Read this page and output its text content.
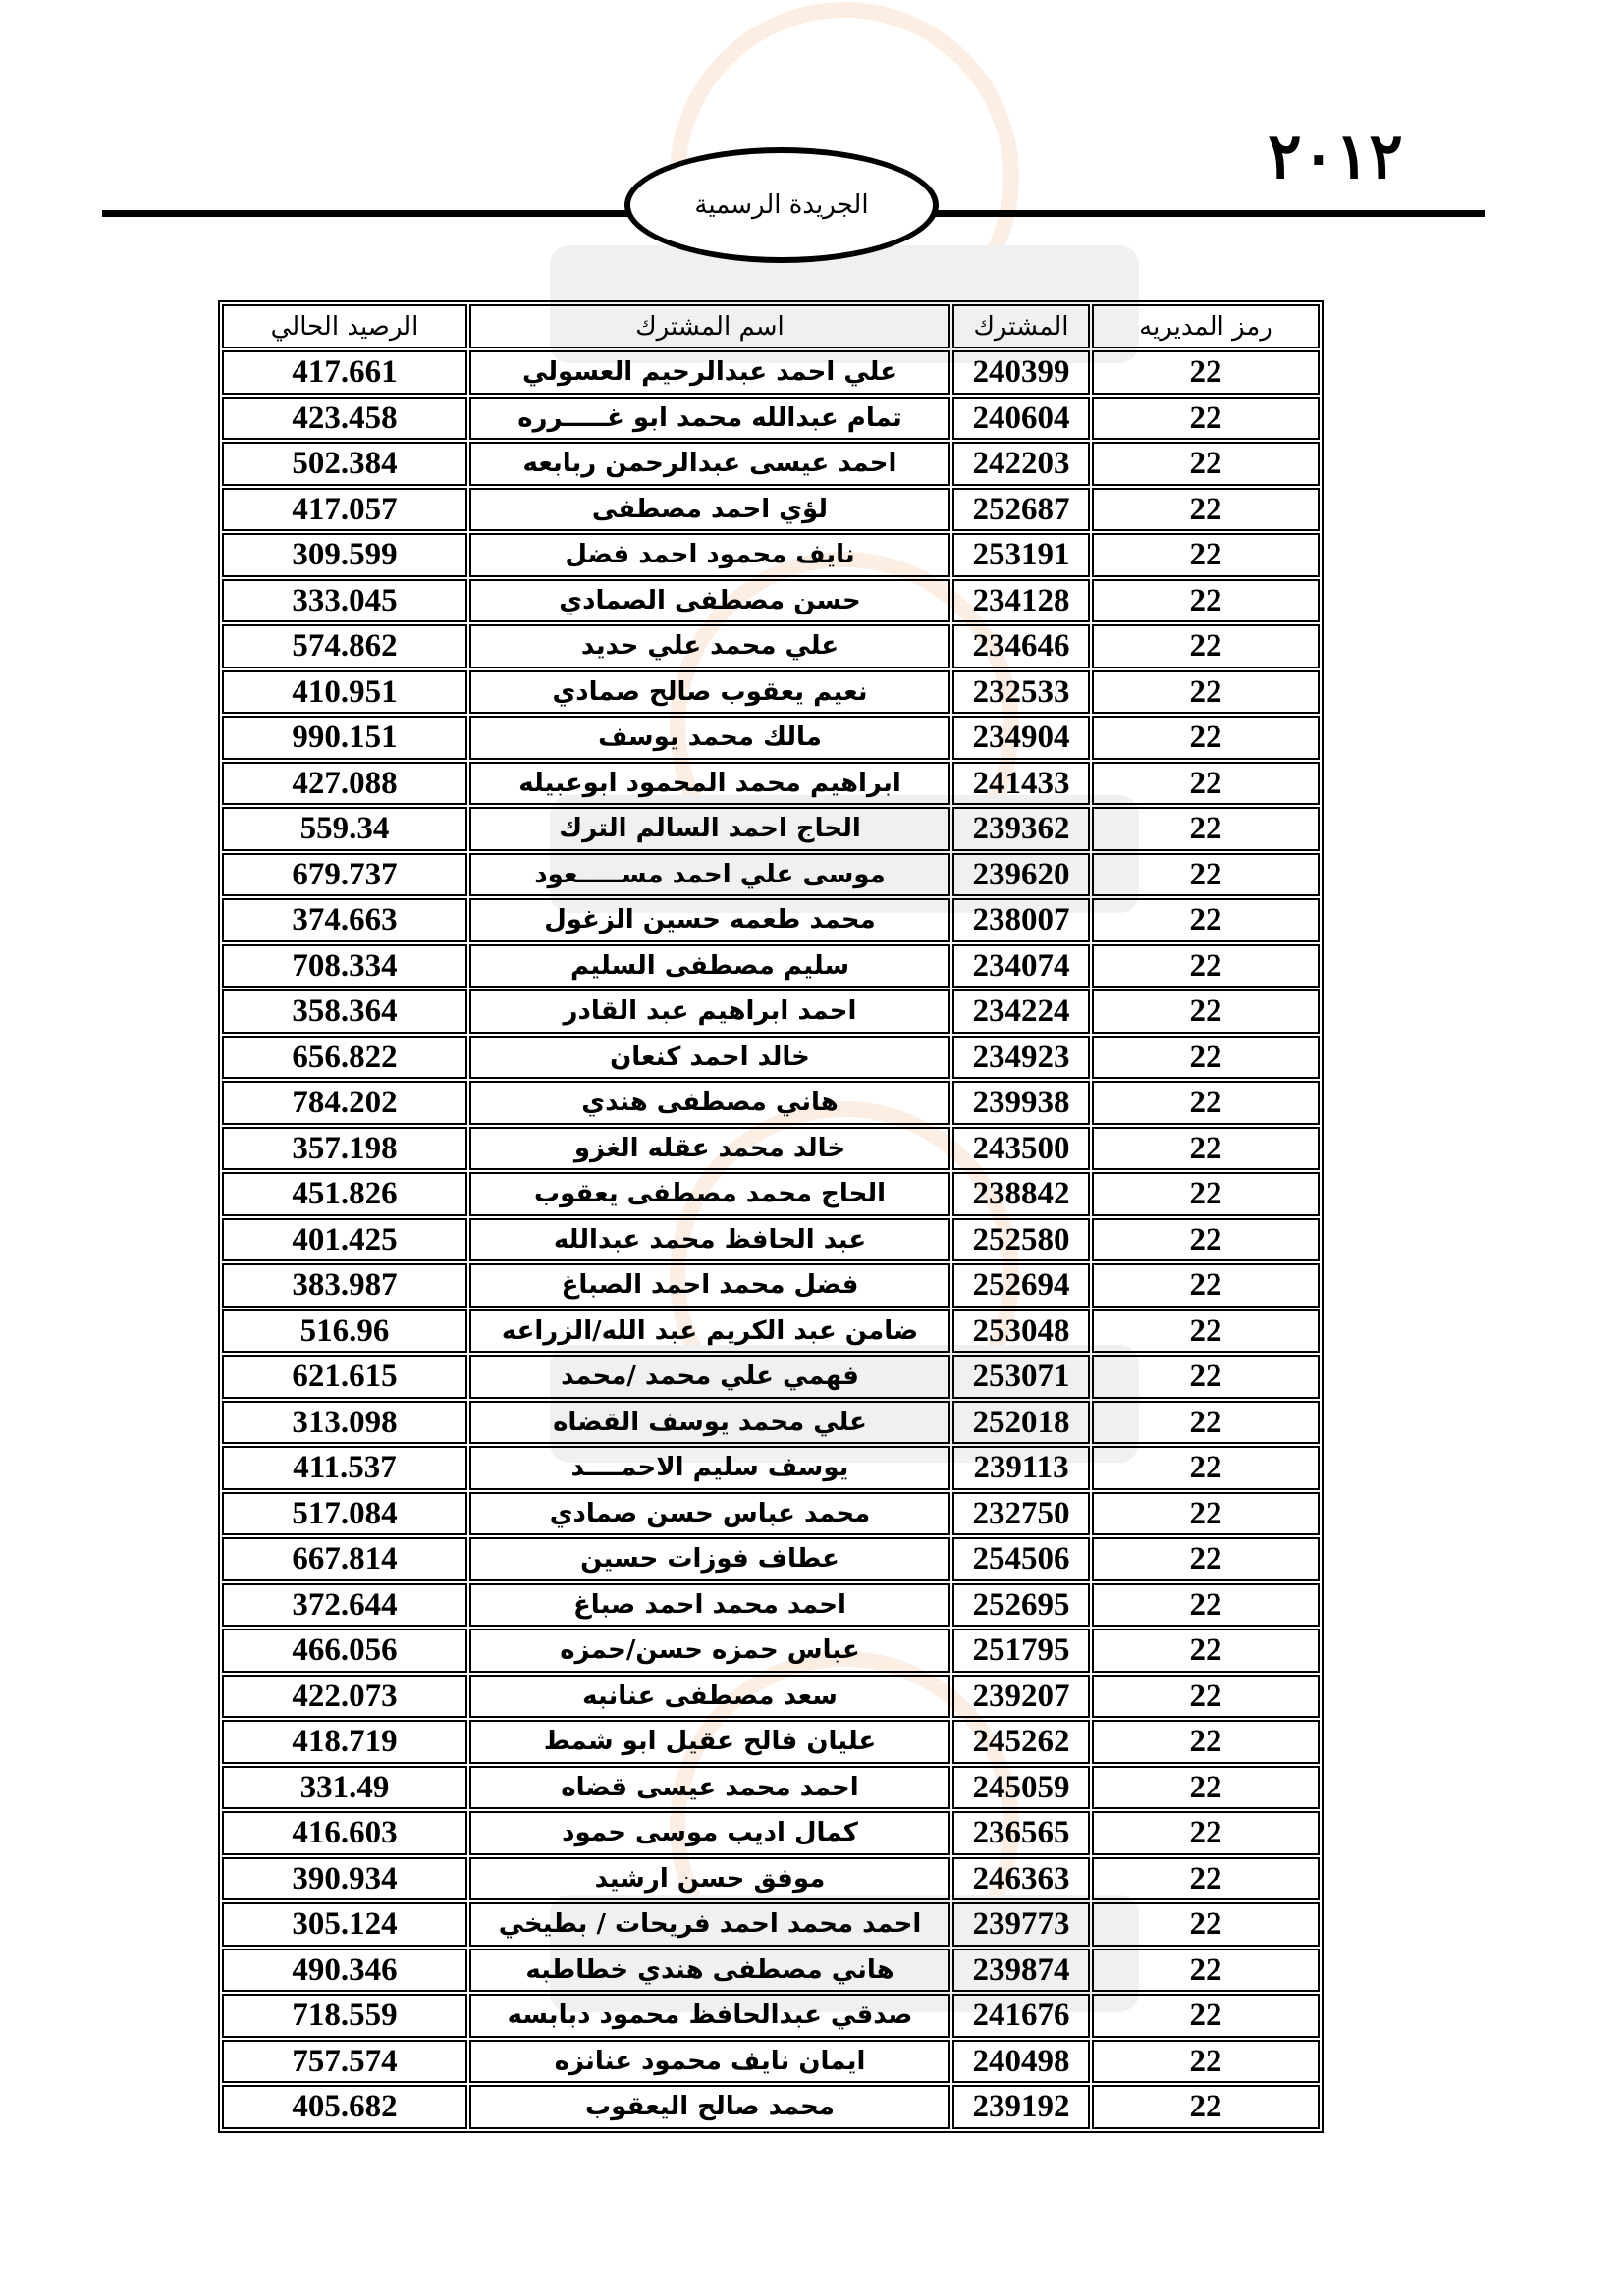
٢٠١٢
الجريدة الرسمية
رمز المديريه	المشترك	اسم المشترك	الرصيد الحالي
22	240399	علي احمد عبدالرحيم العسولي	417.661
22	240604	تمام عبدالله محمد ابو غـــــرره	423.458
22	242203	احمد عيسى عبدالرحمن ربابعه	502.384
22	252687	لؤي احمد مصطفى	417.057
22	253191	نايف محمود احمد فضل	309.599
22	234128	حسن مصطفى الصمادي	333.045
22	234646	علي محمد علي حديد	574.862
22	232533	نعيم يعقوب صالح صمادي	410.951
22	234904	مالك محمد يوسف	990.151
22	241433	ابراهيم محمد المحمود ابوعبيله	427.088
22	239362	الحاج احمد السالم الترك	559.34
22	239620	موسى علي احمد مســـــعود	679.737
22	238007	محمد طعمه حسين الزغول	374.663
22	234074	سليم مصطفى السليم	708.334
22	234224	احمد ابراهيم عبد القادر	358.364
22	234923	خالد احمد كنعان	656.822
22	239938	هاني مصطفى هندي	784.202
22	243500	خالد محمد عقله الغزو	357.198
22	238842	الحاج محمد مصطفى يعقوب	451.826
22	252580	عبد الحافظ محمد عبدالله	401.425
22	252694	فضل محمد احمد الصباغ	383.987
22	253048	ضامن عبد الكريم عبد الله/الزراعه	516.96
22	253071	فهمي علي محمد /محمد	621.615
22	252018	علي محمد يوسف القضاه	313.098
22	239113	يوسف سليم الاحمــــد	411.537
22	232750	محمد عباس حسن صمادي	517.084
22	254506	عطاف فوزات حسين	667.814
22	252695	احمد محمد احمد صباغ	372.644
22	251795	عباس حمزه حسن/حمزه	466.056
22	239207	سعد مصطفى عنانبه	422.073
22	245262	عليان فالح عقيل ابو شمط	418.719
22	245059	احمد محمد عيسى قضاه	331.49
22	236565	كمال اديب موسى حمود	416.603
22	246363	موفق حسن ارشيد	390.934
22	239773	احمد محمد احمد فريحات / بطيخي	305.124
22	239874	هاني مصطفى هندي خطاطبه	490.346
22	241676	صدقي عبدالحافظ محمود دبابسه	718.559
22	240498	ايمان نايف محمود عنانزه	757.574
22	239192	محمد صالح اليعقوب	405.682
